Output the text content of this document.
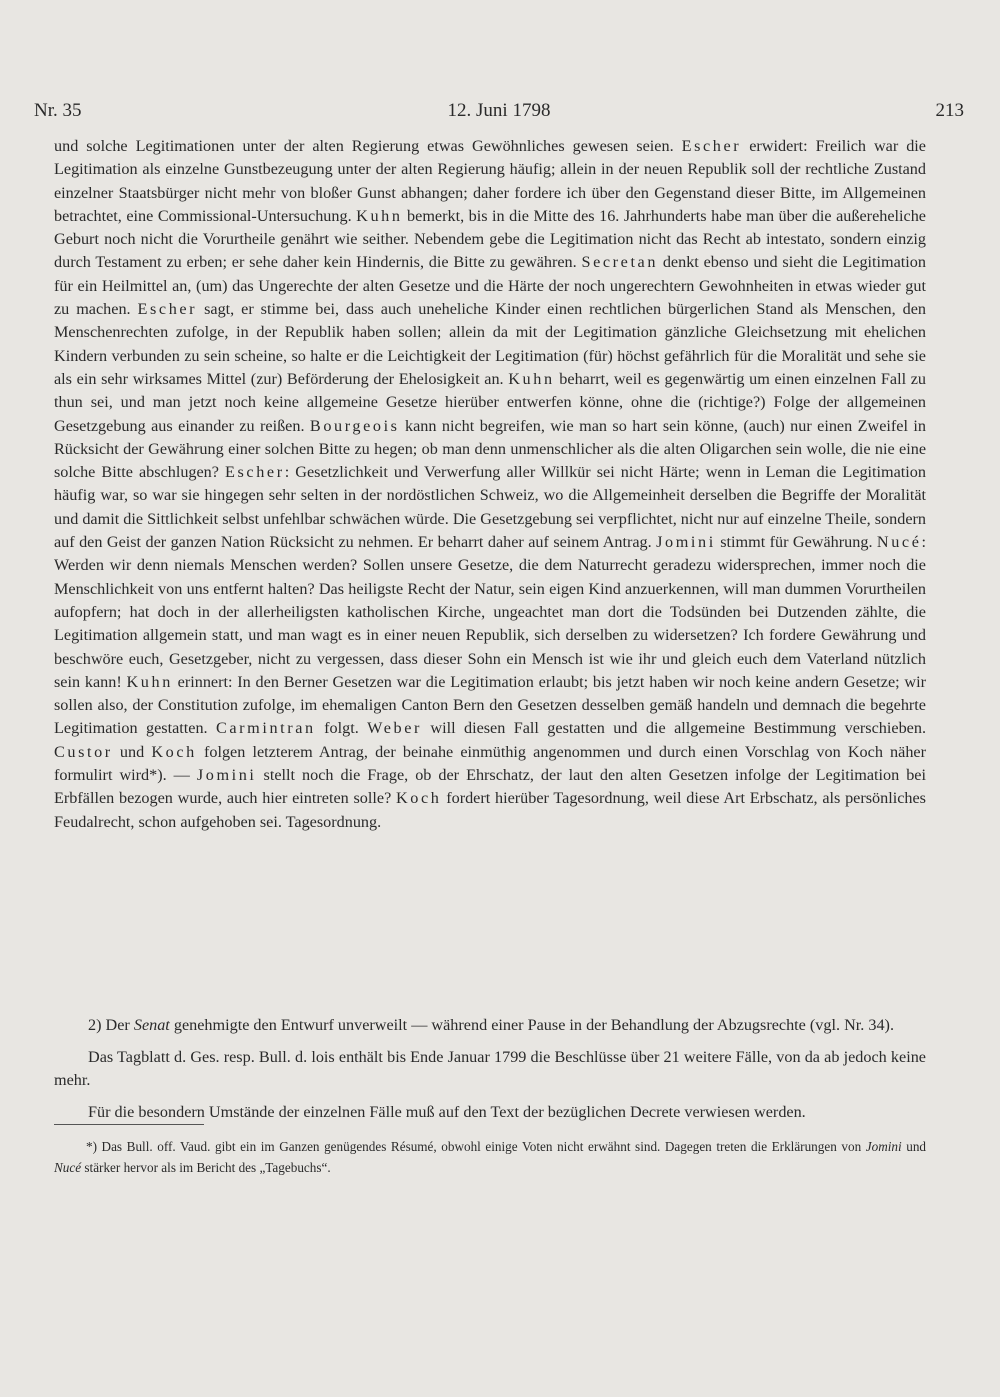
Nr. 35	12. Juni 1798	213

und solche Legitimationen unter der alten Regierung etwas Gewöhnliches gewesen seien. Escher erwidert: Freilich war die Legitimation als einzelne Gunstbezeugung unter der alten Regierung häufig; allein in der neuen Republik soll der rechtliche Zustand einzelner Staatsbürger nicht mehr von bloßer Gunst abhangen; daher fordere ich über den Gegenstand dieser Bitte, im Allgemeinen betrachtet, eine Commissional-Untersuchung. Kuhn bemerkt, bis in die Mitte des 16. Jahrhunderts habe man über die außereheliche Geburt noch nicht die Vorurtheile genährt wie seither. Nebendem gebe die Legitimation nicht das Recht ab intestato, sondern einzig durch Testament zu erben; er sehe daher kein Hindernis, die Bitte zu gewähren. Secretan denkt ebenso und sieht die Legitimation für ein Heilmittel an, (um) das Ungerechte der alten Gesetze und die Härte der noch ungerechtern Gewohnheiten in etwas wieder gut zu machen. Escher sagt, er stimme bei, dass auch uneheliche Kinder einen rechtlichen bürgerlichen Stand als Menschen, den Menschenrechten zufolge, in der Republik haben sollen; allein da mit der Legitimation gänzliche Gleichsetzung mit ehelichen Kindern verbunden zu sein scheine, so halte er die Leichtigkeit der Legitimation (für) höchst gefährlich für die Moralität und sehe sie als ein sehr wirksames Mittel (zur) Beförderung der Ehelosigkeit an. Kuhn beharrt, weil es gegenwärtig um einen einzelnen Fall zu thun sei, und man jetzt noch keine allgemeine Gesetze hierüber entwerfen könne, ohne die (richtige?) Folge der allgemeinen Gesetzgebung aus einander zu reißen. Bourgeois kann nicht begreifen, wie man so hart sein könne, (auch) nur einen Zweifel in Rücksicht der Gewährung einer solchen Bitte zu hegen; ob man denn unmenschlicher als die alten Oligarchen sein wolle, die nie eine solche Bitte abschlugen? Escher: Gesetzlichkeit und Verwerfung aller Willkür sei nicht Härte; wenn in Leman die Legitimation häufig war, so war sie hingegen sehr selten in der nordöstlichen Schweiz, wo die Allgemeinheit derselben die Begriffe der Moralität und damit die Sittlichkeit selbst unfehlbar schwächen würde. Die Gesetzgebung sei verpflichtet, nicht nur auf einzelne Theile, sondern auf den Geist der ganzen Nation Rücksicht zu nehmen. Er beharrt daher auf seinem Antrag. Jomini stimmt für Gewährung. Nucé: Werden wir denn niemals Menschen werden? Sollen unsere Gesetze, die dem Naturrecht geradezu widersprechen, immer noch die Menschlichkeit von uns entfernt halten? Das heiligste Recht der Natur, sein eigen Kind anzuerkennen, will man dummen Vorurtheilen aufopfern; hat doch in der allerheiligsten katholischen Kirche, ungeachtet man dort die Todsünden bei Dutzenden zählte, die Legitimation allgemein statt, und man wagt es in einer neuen Republik, sich derselben zu widersetzen? Ich fordere Gewährung und beschwöre euch, Gesetzgeber, nicht zu vergessen, dass dieser Sohn ein Mensch ist wie ihr und gleich euch dem Vaterland nützlich sein kann! Kuhn erinnert: In den Berner Gesetzen war die Legitimation erlaubt; bis jetzt haben wir noch keine andern Gesetze; wir sollen also, der Constitution zufolge, im ehemaligen Canton Bern den Gesetzen desselben gemäß handeln und demnach die begehrte Legitimation gestatten. Carmintran folgt. Weber will diesen Fall gestatten und die allgemeine Bestimmung verschieben. Custor und Koch folgen letzterem Antrag, der beinahe einmüthig angenommen und durch einen Vorschlag von Koch näher formulirt wird*). — Jomini stellt noch die Frage, ob der Ehrschatz, der laut den alten Gesetzen infolge der Legitimation bei Erbfällen bezogen wurde, auch hier eintreten solle? Koch fordert hierüber Tagesordnung, weil diese Art Erbschatz, als persönliches Feudalrecht, schon aufgehoben sei. Tagesordnung.

2) Der Senat genehmigte den Entwurf unverweilt — während einer Pause in der Behandlung der Abzugsrechte (vgl. Nr. 34).

Das Tagblatt d. Ges. resp. Bull. d. lois enthält bis Ende Januar 1799 die Beschlüsse über 21 weitere Fälle, von da ab jedoch keine mehr.

Für die besondern Umstände der einzelnen Fälle muß auf den Text der bezüglichen Decrete verwiesen werden.

*) Das Bull. off. Vaud. gibt ein im Ganzen genügendes Résumé, obwohl einige Voten nicht erwähnt sind. Dagegen treten die Erklärungen von Jomini und Nucé stärker hervor als im Bericht des „Tagebuchs“.
